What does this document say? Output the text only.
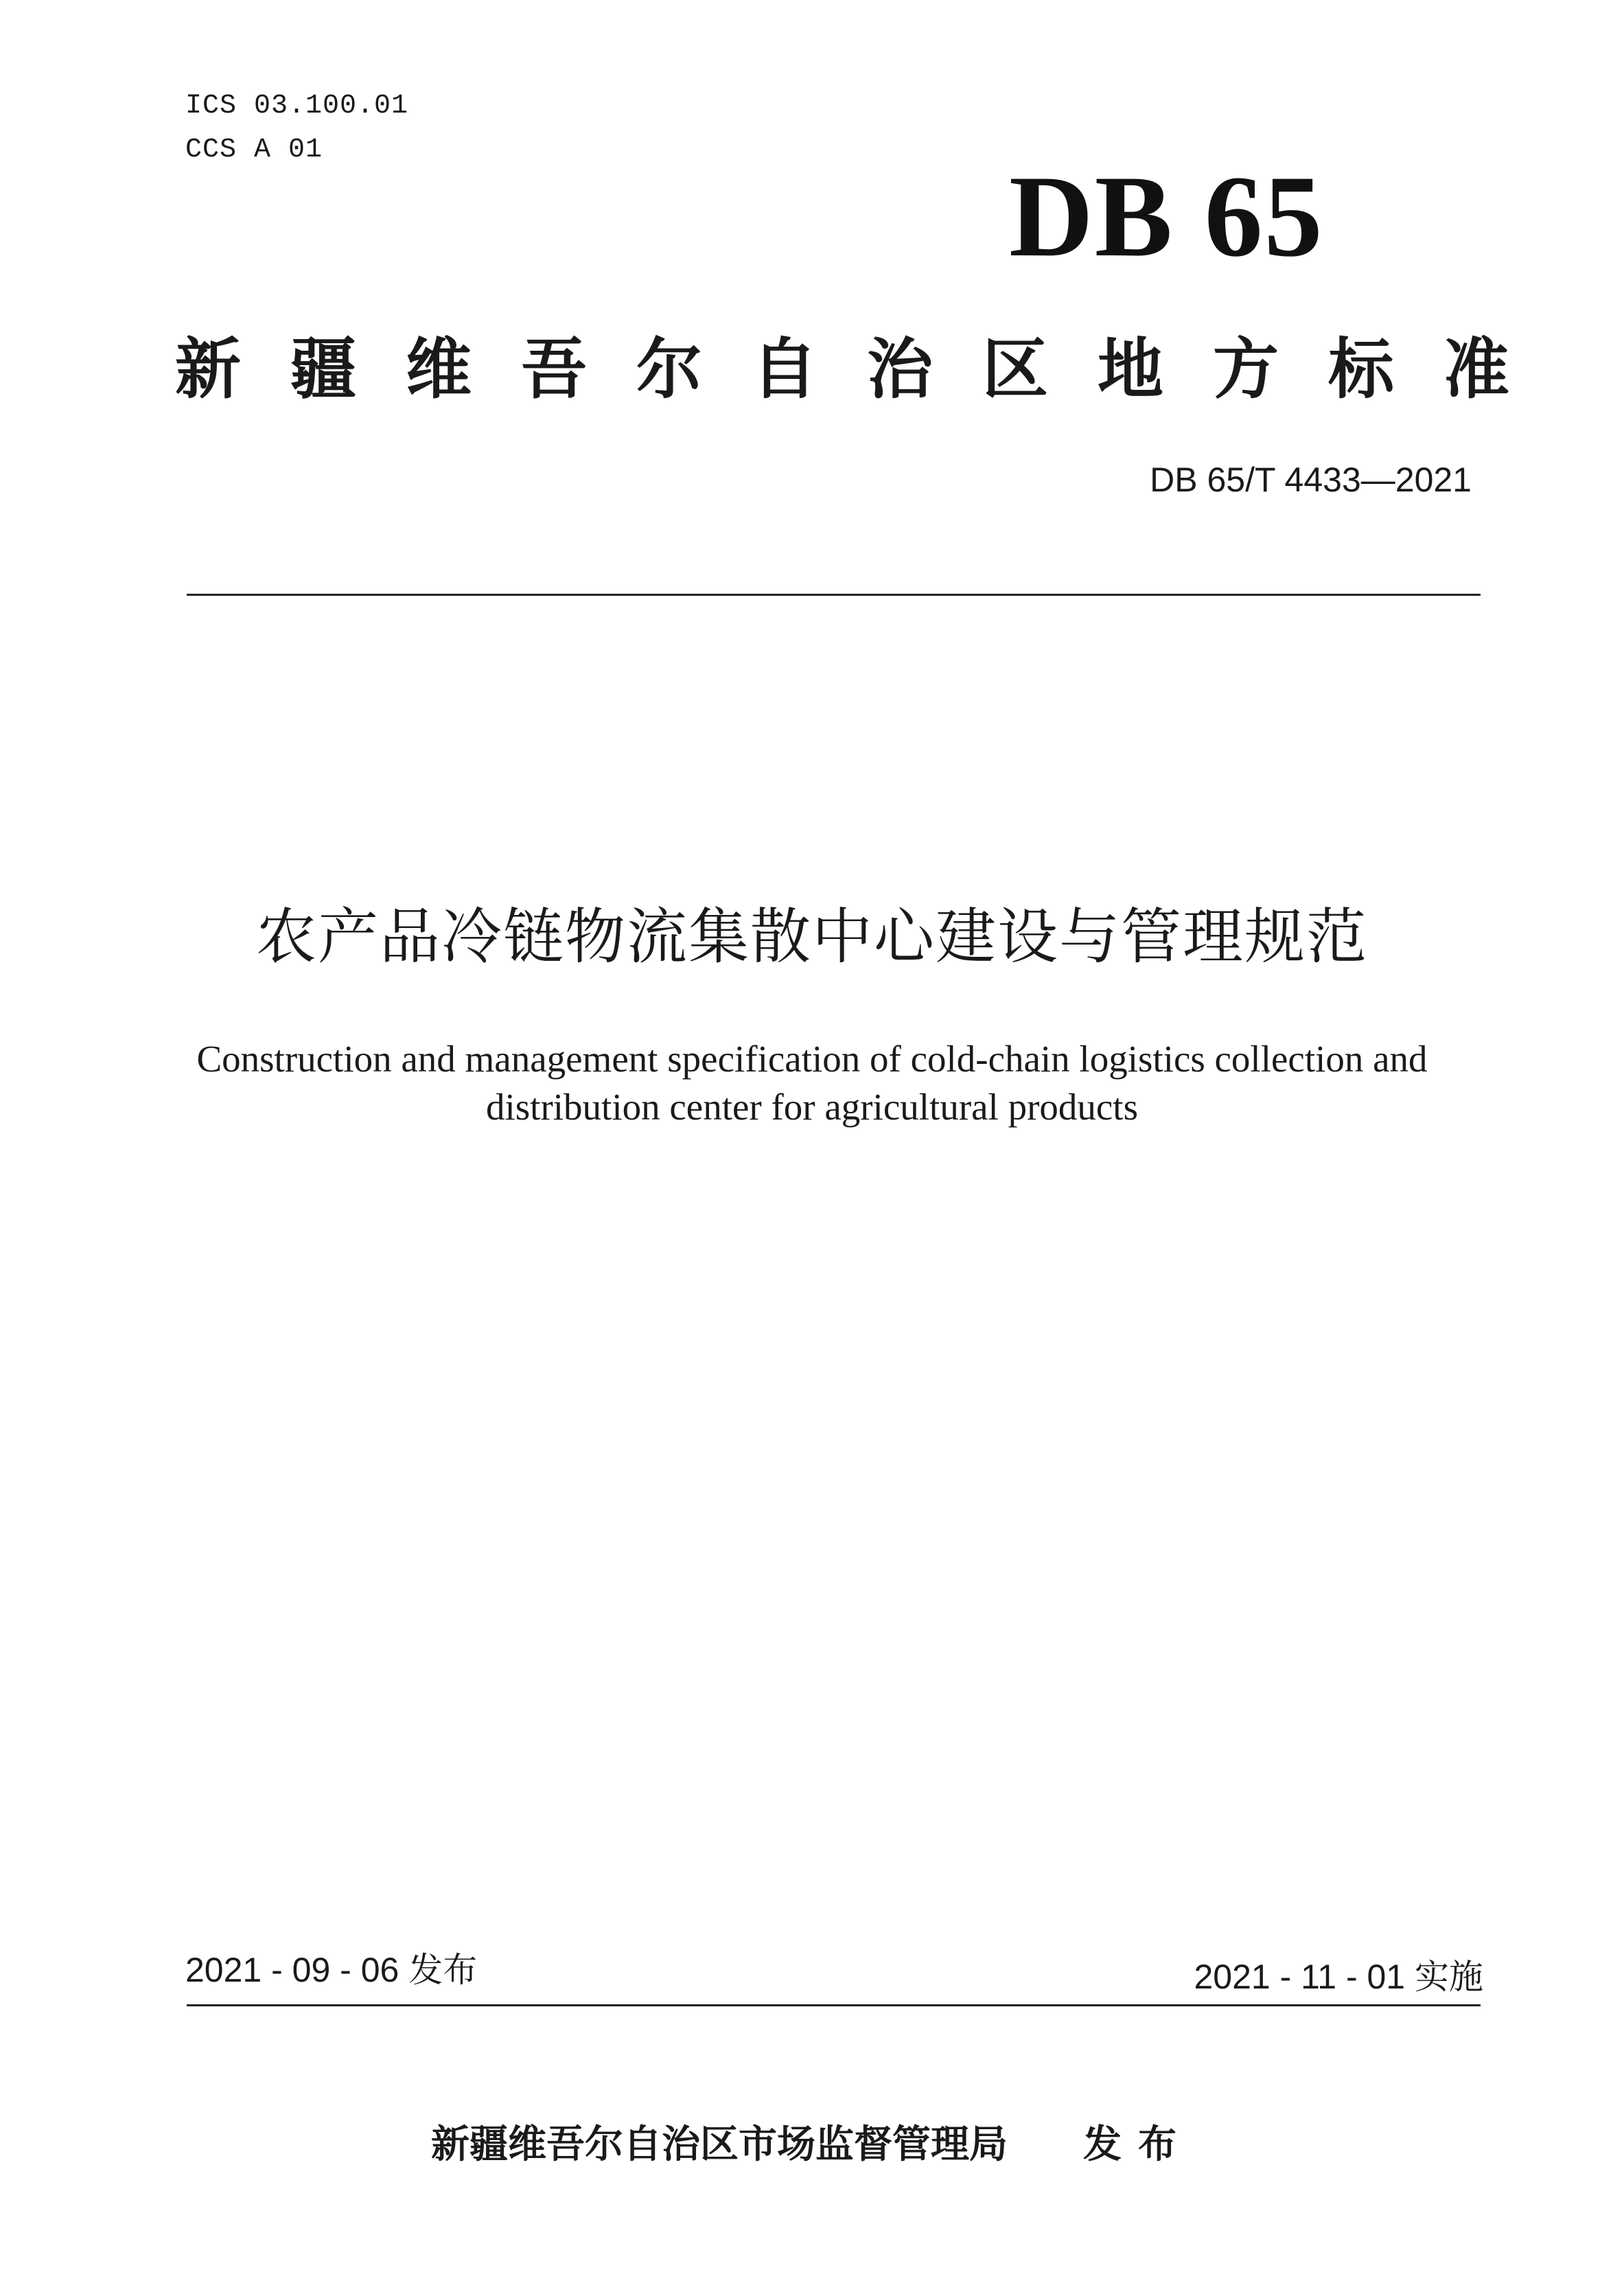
ICS 03.100.01
CCS A 01
DB 65
新疆维吾尔自治区地方标准
DB 65/T 4433—2021
农产品冷链物流集散中心建设与管理规范
Construction and management specification of cold-chain logistics collection and
distribution center for agricultural products
2021 - 09 - 06 发布	2021 - 11 - 01 实施
新疆维吾尔自治区市场监督管理局 发布
